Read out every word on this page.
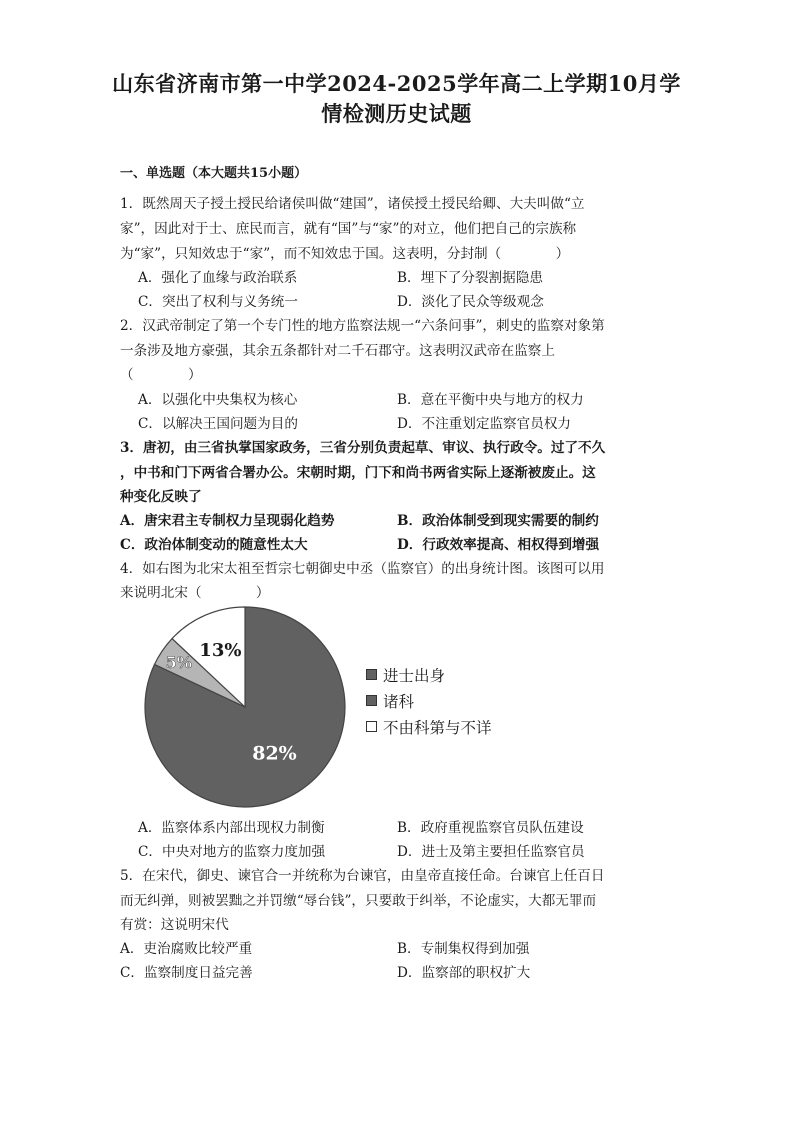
山东省济南市第一中学2024-2025学年高二上学期10月学
情检测历史试题
一、单选题（本大题共15小题）
1．既然周天子授土授民给诸侯叫做“建国”，诸侯授土授民给卿、大夫叫做“立
家”，因此对于士、庶民而言，就有“国”与“家”的对立，他们把自己的宗族称
为“家”，只知效忠于“家”，而不知效忠于国。这表明，分封制（　　　　）
A．强化了血缘与政治联系	B．埋下了分裂割据隐患
C．突出了权利与义务统一	D．淡化了民众等级观念
2．汉武帝制定了第一个专门性的地方监察法规一“六条问事”，刺史的监察对象第
一条涉及地方豪强，其余五条都针对二千石郡守。这表明汉武帝在监察上
（　　　　）
A．以强化中央集权为核心	B．意在平衡中央与地方的权力
C．以解决王国问题为目的	D．不注重划定监察官员权力
3．唐初，由三省执掌国家政务，三省分别负责起草、审议、执行政令。过了不久
，中书和门下两省合署办公。宋朝时期，门下和尚书两省实际上逐渐被废止。这
种变化反映了
A．唐宋君主专制权力呈现弱化趋势	B．政治体制受到现实需要的制约
C．政治体制变动的随意性太大	D．行政效率提高、相权得到增强
4．如右图为北宋太祖至哲宗七朝御史中丞（监察官）的出身统计图。该图可以用
来说明北宋（　　　　）
82%
5%
13%
进士出身
诸科
不由科第与不详
A．监察体系内部出现权力制衡	B．政府重视监察官员队伍建设
C．中央对地方的监察力度加强	D．进士及第主要担任监察官员
5．在宋代，御史、谏官合一并统称为台谏官，由皇帝直接任命。台谏官上任百日
而无纠弹，则被罢黜之并罚缴“辱台钱”，只要敢于纠举，不论虚实，大都无罪而
有赏：这说明宋代
A．吏治腐败比较严重	B．专制集权得到加强
C．监察制度日益完善	D．监察部的职权扩大
